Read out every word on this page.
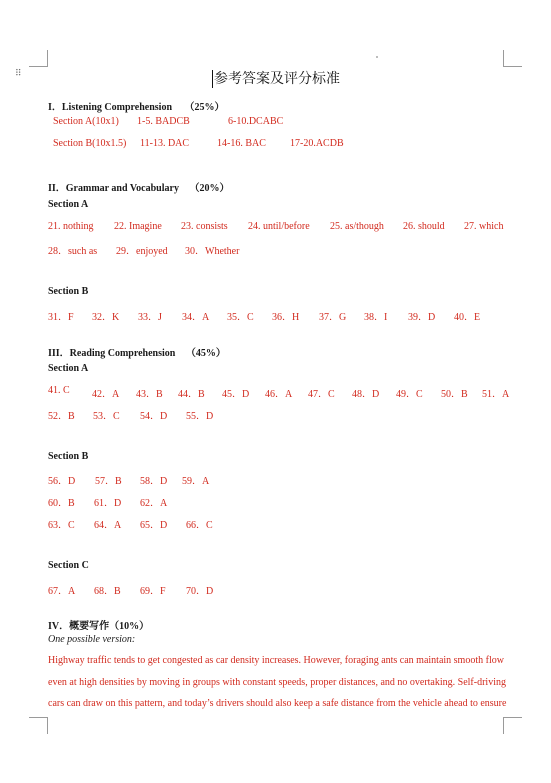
⠿	参考答案及评分标准
I．Listening Comprehension （25%）
Section A(10x1) 1-5. BADCB	6-10.DCABC
Section B(10x1.5) 11-13. DAC	14-16. BAC 17-20.ACDB
II．Grammar and Vocabulary （20%）
Section A
21. nothing 22. Imagine 23. consists 24. until/before 25. as/though 26. should 27. which
28．such as 29．enjoyed 30．Whether
Section B
31．F 32．K 33．J 34．A 35．C 36．H 37．G 38．I 39．D 40．E
III．Reading Comprehension （45%）
Section A
41. C 42．A 43．B 44．B 45．D 46．A 47．C 48．D 49．C 50．B 51．A
52．B 53．C 54．D 55．D
Section B
56．D 57．B 58．D 59．A
60．B 61．D 62．A
63．C 64．A 65．D 66．C
Section C
67．A 68．B 69．F 70．D
IV．概要写作（10%）
One possible version:
Highway traffic tends to get congested as car density increases. However, foraging ants can maintain smooth flow
even at high densities by moving in groups with constant speeds, proper distances, and no overtaking. Self-driving
cars can draw on this pattern, and today’s drivers should also keep a safe distance from the vehicle ahead to ensure
